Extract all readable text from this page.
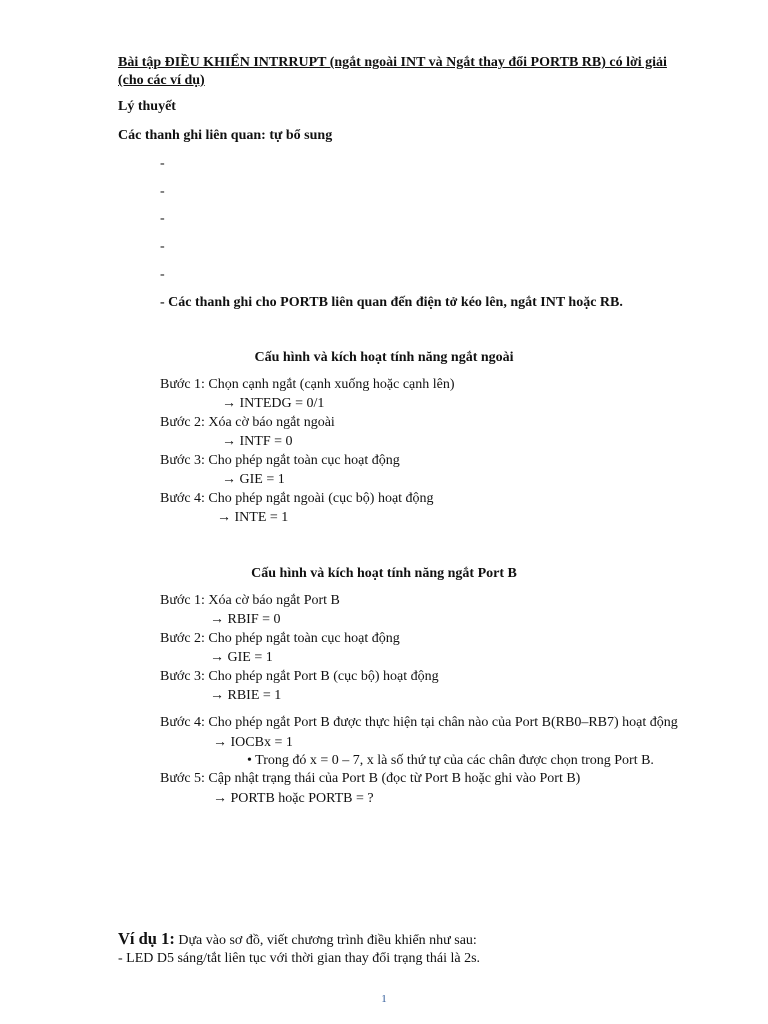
Bài tập ĐIỀU KHIỂN INTRRUPT (ngắt ngoài INT và Ngắt thay đổi PORTB RB) có lời giải (cho các ví dụ)
Lý thuyết
Các thanh ghi liên quan: tự bổ sung
-
-
-
-
-
- Các thanh ghi cho PORTB liên quan đến điện tở kéo lên, ngắt INT hoặc RB.
Cấu hình và kích hoạt tính năng ngắt ngoài
Bước 1: Chọn cạnh ngắt (cạnh xuống hoặc cạnh lên)
→ INTEDG = 0/1
Bước 2: Xóa cờ báo ngắt ngoài
→ INTF = 0
Bước 3: Cho phép ngắt toàn cục hoạt động
→ GIE = 1
Bước 4: Cho phép ngắt ngoài (cục bộ) hoạt động
→ INTE = 1
Cấu hình và kích hoạt tính năng ngắt Port B
Bước 1: Xóa cờ báo ngắt Port B
→ RBIF = 0
Bước 2: Cho phép ngắt toàn cục hoạt động
→ GIE = 1
Bước 3: Cho phép ngắt Port B (cục bộ) hoạt động
→ RBIE = 1
Bước 4: Cho phép ngắt Port B được thực hiện tại chân nào của Port B(RB0–RB7) hoạt động
→ IOCBx = 1
• Trong đó x = 0 – 7, x là số thứ tự của các chân được chọn trong Port B.
Bước 5: Cập nhật trạng thái của Port B (đọc từ Port B hoặc ghi vào Port B)
→ PORTB hoặc PORTB = ?
Ví dụ 1: Dựa vào sơ đồ, viết chương trình điều khiển như sau:
- LED D5 sáng/tắt liên tục với thời gian thay đổi trạng thái là 2s.
1
